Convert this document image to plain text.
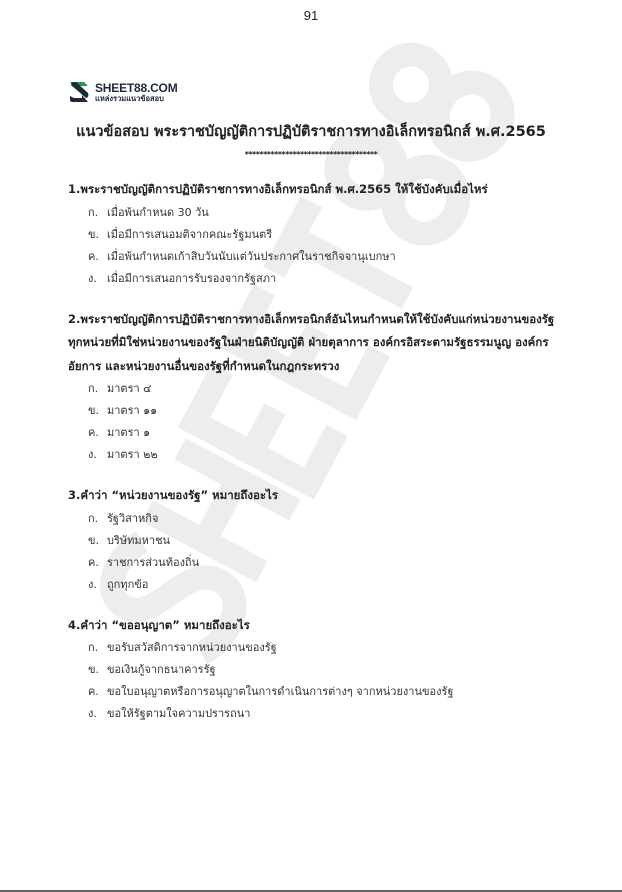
91
SHEET88.COM
แหล่งรวมแนวข้อสอบ
แนวข้อสอบ พระราชบัญญัติการปฏิบัติราชการทางอิเล็กทรอนิกส์ พ.ศ.2565
************************************
1.พระราชบัญญัติการปฏิบัติราชการทางอิเล็กทรอนิกส์ พ.ศ.2565 ให้ใช้บังคับเมื่อไหร่
ก. เมื่อพ้นกำหนด 30 วัน
ข. เมื่อมีการเสนอมติจากคณะรัฐมนตรี
ค. เมื่อพ้นกำหนดเก้าสิบวันนับแต่วันประกาศในราชกิจจานุเบกษา
ง. เมื่อมีการเสนอการรับรองจากรัฐสภา
2.พระราชบัญญัติการปฏิบัติราชการทางอิเล็กทรอนิกส์อันไหนกำหนดให้ใช้บังคับแก่หน่วยงานของรัฐทุกหน่วยที่มิใช่หน่วยงานของรัฐในฝ่ายนิติบัญญัติ ฝ่ายตุลาการ องค์กรอิสระตามรัฐธรรมนูญ องค์กรอัยการ และหน่วยงานอื่นของรัฐที่กำหนดในกฎกระทรวง
ก. มาตรา ๔
ข. มาตรา ๑๑
ค. มาตรา ๑
ง. มาตรา ๒๒
3.คำว่า “หน่วยงานของรัฐ” หมายถึงอะไร
ก. รัฐวิสาหกิจ
ข. บริษัทมหาชน
ค. ราชการส่วนท้องถิ่น
ง. ถูกทุกข้อ
4.คำว่า “ขออนุญาต” หมายถึงอะไร
ก. ขอรับสวัสดิการจากหน่วยงานของรัฐ
ข. ขอเงินกู้จากธนาคารรัฐ
ค. ขอใบอนุญาตหรือการอนุญาตในการดำเนินการต่างๆ จากหน่วยงานของรัฐ
ง. ขอให้รัฐตามใจความปรารถนา
